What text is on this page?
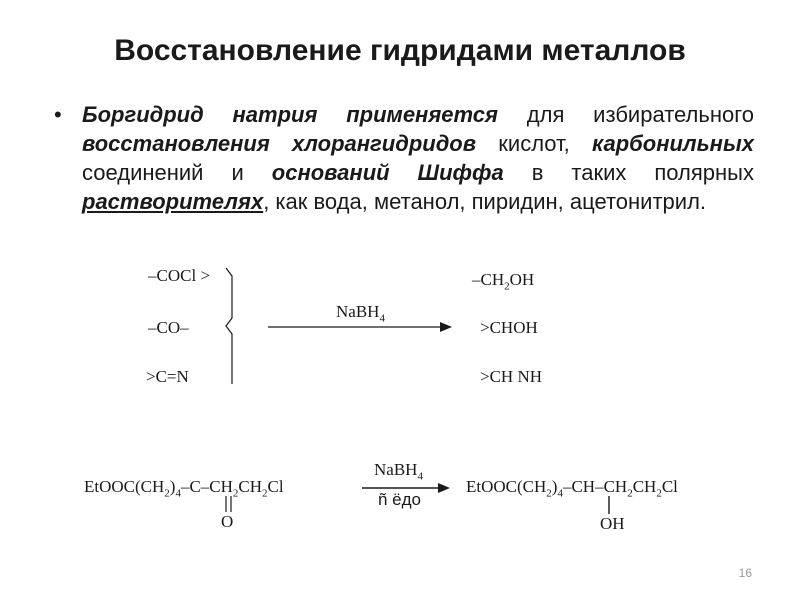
Восстановление гидридами металлов
• Боргидрид натрия применяется для избирательного восстановления хлорангидридов кислот, карбонильных соединений и оснований Шиффа в таких полярных растворителях, как вода, метанол, пиридин, ацетонитрил.
–COCl >
–CO–
>C=N
NaBH$_4$
$-CH_2OH$
>CHOH
>CH NH
$EtOOC(CH_2)_4-C-CH_2CH_2Cl$
O
NaBH$_4$
ñ ёдо
$EtOOC(CH_2)_4-CH-CH_2CH_2Cl$
OH
16
